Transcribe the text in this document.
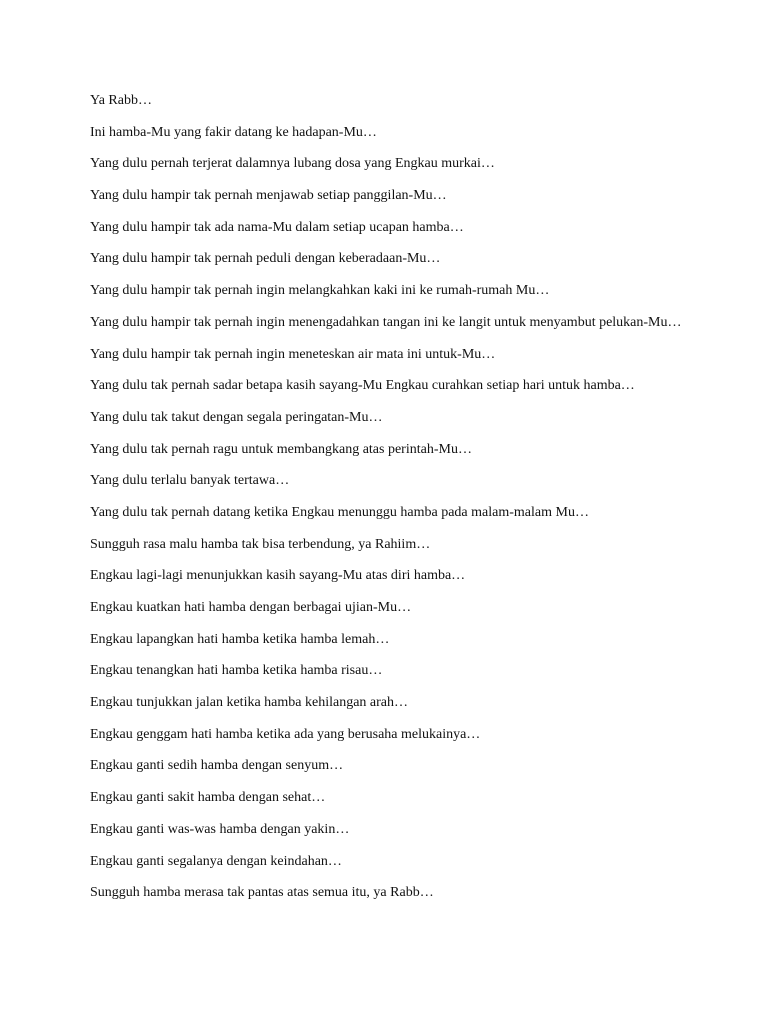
Ya Rabb…
Ini hamba-Mu yang fakir datang ke hadapan-Mu…
Yang dulu pernah terjerat dalamnya lubang dosa yang Engkau murkai…
Yang dulu hampir tak pernah menjawab setiap panggilan-Mu…
Yang dulu hampir tak ada nama-Mu dalam setiap ucapan hamba…
Yang dulu hampir tak pernah peduli dengan keberadaan-Mu…
Yang dulu hampir tak pernah ingin melangkahkan kaki ini ke rumah-rumah Mu…
Yang dulu hampir tak pernah ingin menengadahkan tangan ini ke langit untuk menyambut pelukan-Mu…
Yang dulu hampir tak pernah ingin meneteskan air mata ini untuk-Mu…
Yang dulu tak pernah sadar betapa kasih sayang-Mu Engkau curahkan setiap hari untuk hamba…
Yang dulu tak takut dengan segala peringatan-Mu…
Yang dulu tak pernah ragu untuk membangkang atas perintah-Mu…
Yang dulu terlalu banyak tertawa…
Yang dulu tak pernah datang ketika Engkau menunggu hamba pada malam-malam Mu…
Sungguh rasa malu hamba tak bisa terbendung, ya Rahiim…
Engkau lagi-lagi menunjukkan kasih sayang-Mu atas diri hamba…
Engkau kuatkan hati hamba dengan berbagai ujian-Mu…
Engkau lapangkan hati hamba ketika hamba lemah…
Engkau tenangkan hati hamba ketika hamba risau…
Engkau tunjukkan jalan ketika hamba kehilangan arah…
Engkau genggam hati hamba ketika ada yang berusaha melukainya…
Engkau ganti sedih hamba dengan senyum…
Engkau ganti sakit hamba dengan sehat…
Engkau ganti was-was hamba dengan yakin…
Engkau ganti segalanya dengan keindahan…
Sungguh hamba merasa tak pantas atas semua itu, ya Rabb…
